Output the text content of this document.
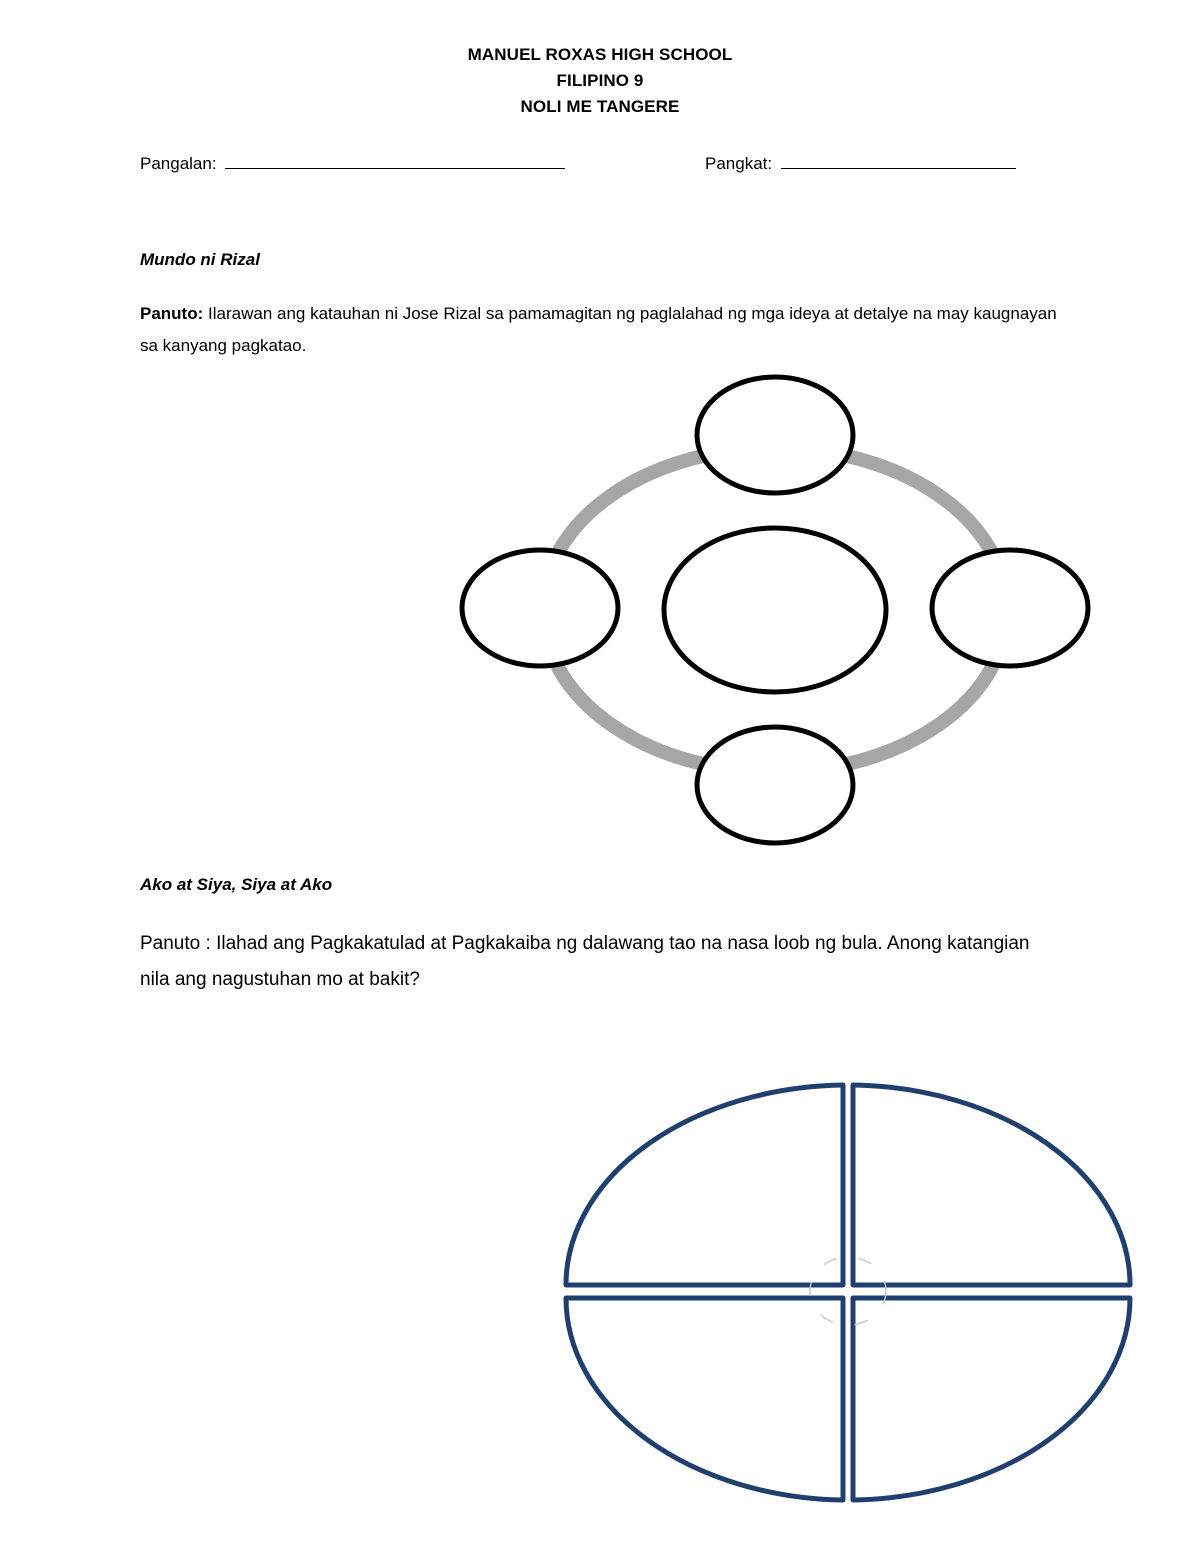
MANUEL ROXAS HIGH SCHOOL
FILIPINO 9
NOLI ME TANGERE
Pangalan:	Pangkat:
Mundo ni Rizal
Panuto: Ilarawan ang katauhan ni Jose Rizal sa pamamagitan ng paglalahad ng mga ideya at detalye na may kaugnayan sa kanyang pagkatao.
Ako at Siya, Siya at Ako
Panuto : Ilahad ang Pagkakatulad at Pagkakaiba ng dalawang tao na nasa loob ng bula. Anong katangian nila ang nagustuhan mo at bakit?
